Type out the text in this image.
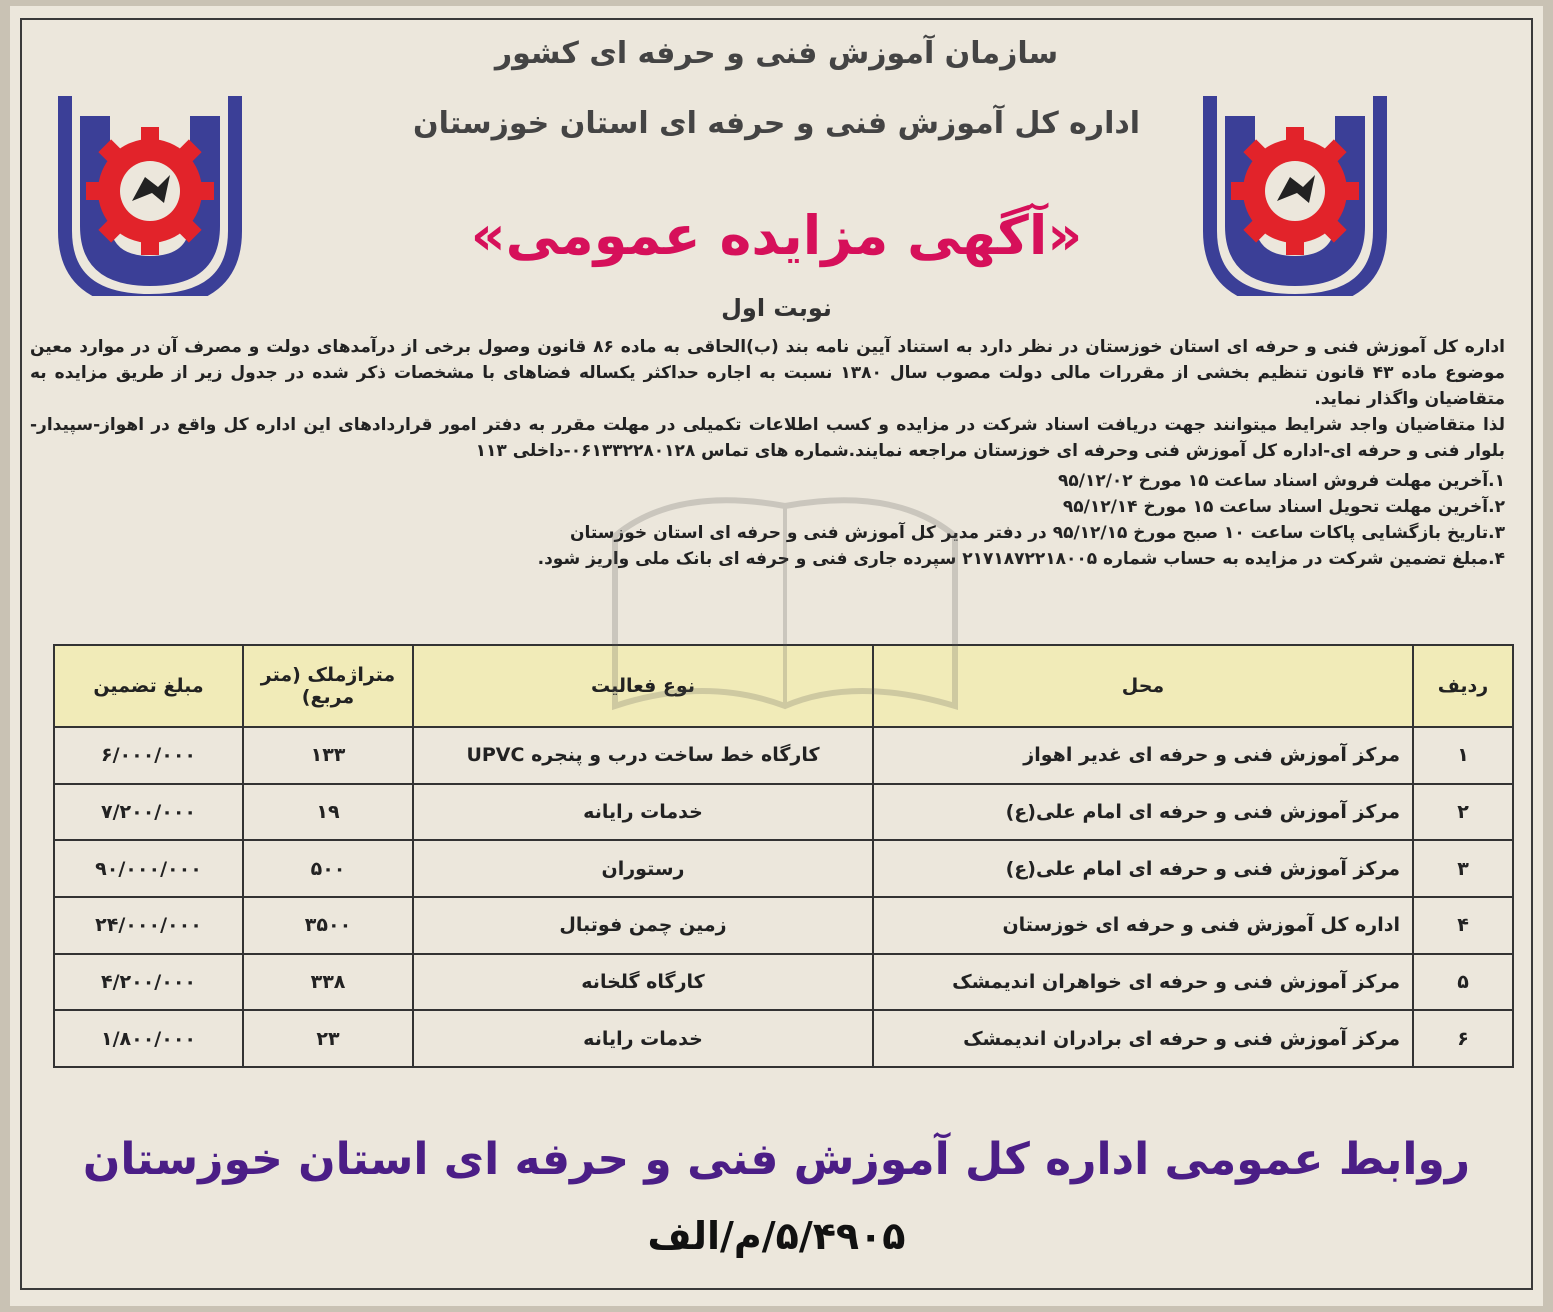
سازمان آموزش فنی و حرفه ای کشور
اداره کل آموزش فنی و حرفه ای استان خوزستان
«آگهی مزایده عمومی»
نوبت اول

اداره کل آموزش فنی و حرفه ای استان خوزستان در نظر دارد به استناد آیین نامه بند (ب)الحاقی به ماده ۸۶ قانون وصول برخی از درآمدهای دولت و مصرف آن در موارد معین موضوع ماده ۴۳ قانون تنظیم بخشی از مقررات مالی دولت مصوب سال ۱۳۸۰ نسبت به اجاره حداکثر یکساله فضاهای با مشخصات ذکر شده در جدول زیر از طریق مزایده به متقاضیان واگذار نماید.

لذا متقاضیان واجد شرایط میتوانند جهت دریافت اسناد شرکت در مزایده و کسب اطلاعات تکمیلی در مهلت مقرر به دفتر امور قراردادهای این اداره کل واقع در اهواز-سپیدار-بلوار فنی و حرفه ای-اداره کل آموزش فنی وحرفه ای خوزستان مراجعه نمایند.شماره های تماس ۰۶۱۳۳۲۲۸۰۱۲۸-داخلی ۱۱۳

۱.آخرین مهلت فروش اسناد ساعت ۱۵ مورخ ۹۵/۱۲/۰۲
۲.آخرین مهلت تحویل اسناد ساعت ۱۵ مورخ ۹۵/۱۲/۱۴
۳.تاریخ بازگشایی پاکات ساعت ۱۰ صبح مورخ ۹۵/۱۲/۱۵ در دفتر مدیر کل آموزش فنی و حرفه ای استان خوزستان
۴.مبلغ تضمین شرکت در مزایده به حساب شماره ۲۱۷۱۸۷۲۲۱۸۰۰۵ سپرده جاری فنی و حرفه ای بانک ملی واریز شود.
ردیف	محل	نوع فعالیت	متراژملک (متر مربع)	مبلغ تضمین
۱	مرکز آموزش فنی و حرفه ای غدیر اهواز	کارگاه خط ساخت درب و پنجره UPVC	۱۳۳	۶/۰۰۰/۰۰۰
۲	مرکز آموزش فنی و حرفه ای امام علی(ع)	خدمات رایانه	۱۹	۷/۲۰۰/۰۰۰
۳	مرکز آموزش فنی و حرفه ای امام علی(ع)	رستوران	۵۰۰	۹۰/۰۰۰/۰۰۰
۴	اداره کل آموزش فنی و حرفه ای خوزستان	زمین چمن فوتبال	۳۵۰۰	۲۴/۰۰۰/۰۰۰
۵	مرکز آموزش فنی و حرفه ای خواهران اندیمشک	کارگاه گلخانه	۳۳۸	۴/۲۰۰/۰۰۰
۶	مرکز آموزش فنی و حرفه ای برادران اندیمشک	خدمات رایانه	۲۳	۱/۸۰۰/۰۰۰
روابط عمومی اداره کل آموزش فنی و حرفه ای استان خوزستان
۵/۴۹۰۵/م/الف
